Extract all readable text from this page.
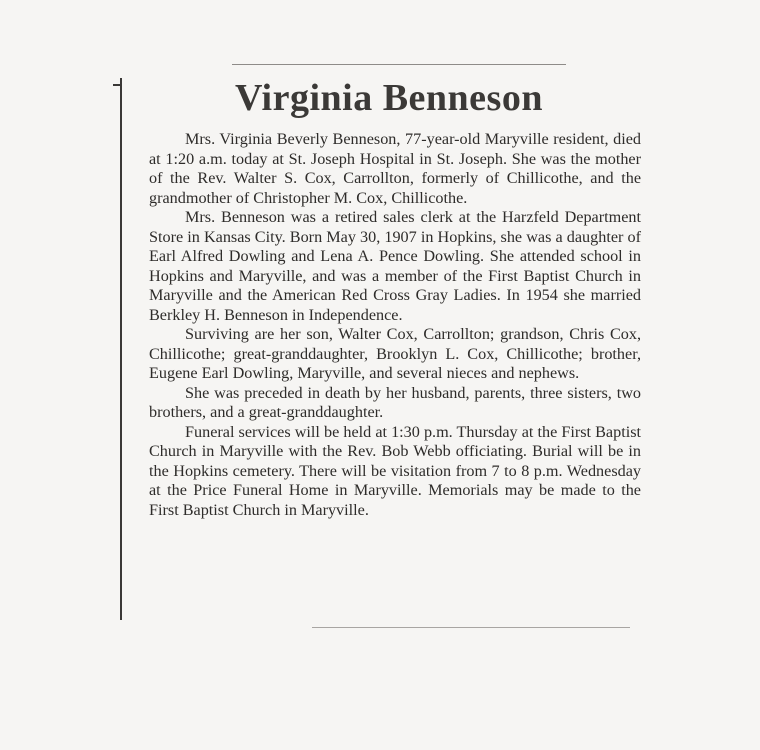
Virginia Benneson

Mrs. Virginia Beverly Benneson, 77-year-old Maryville resident, died at 1:20 a.m. today at St. Joseph Hospital in St. Joseph. She was the mother of the Rev. Walter S. Cox, Carrollton, formerly of Chillicothe, and the grandmother of Christopher M. Cox, Chillicothe.

Mrs. Benneson was a retired sales clerk at the Harzfeld Department Store in Kansas City. Born May 30, 1907 in Hopkins, she was a daughter of Earl Alfred Dowling and Lena A. Pence Dowling. She attended school in Hopkins and Maryville, and was a member of the First Baptist Church in Maryville and the American Red Cross Gray Ladies. In 1954 she married Berkley H. Benneson in Independence.

Surviving are her son, Walter Cox, Carrollton; grandson, Chris Cox, Chillicothe; great-granddaughter, Brooklyn L. Cox, Chillicothe; brother, Eugene Earl Dowling, Maryville, and several nieces and nephews.

She was preceded in death by her husband, parents, three sisters, two brothers, and a great-granddaughter.

Funeral services will be held at 1:30 p.m. Thursday at the First Baptist Church in Maryville with the Rev. Bob Webb officiating. Burial will be in the Hopkins cemetery. There will be visitation from 7 to 8 p.m. Wednesday at the Price Funeral Home in Maryville. Memorials may be made to the First Baptist Church in Maryville.
